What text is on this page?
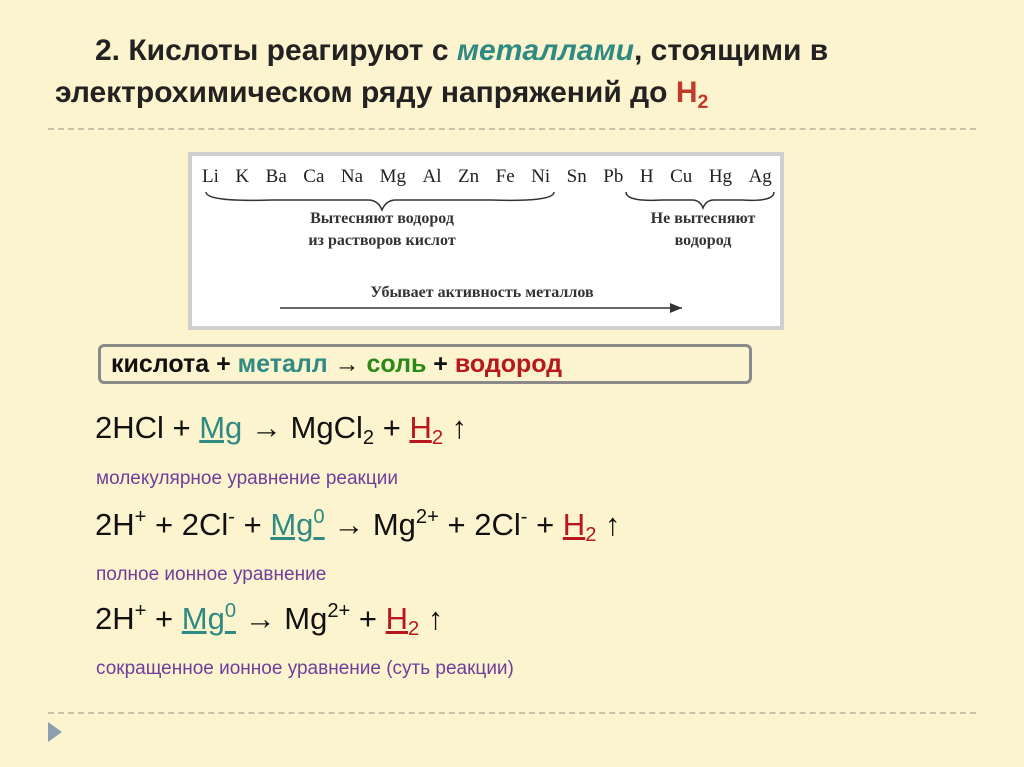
2. Кислоты реагируют с металлами, стоящими в
электрохимическом ряду напряжений до $H_2$
Li K Ba Ca Na Mg Al Zn Fe Ni Sn Pb H Cu Hg Ag
Вытесняют водород
из растворов кислот
Не вытесняют
водород
Убывает активность металлов
кислота + металл → соль + водород
2HCl + Mg → MgCl$_2$ + $H_2$ ↑
молекулярное уравнение реакции
$2H^+ + 2Cl^- + Mg^0 \to Mg^{2+} + 2Cl^- + H_2$ ↑
полное ионное уравнение
$2H^+ + Mg^0 \to Mg^{2+} + H_2$ ↑
сокращенное ионное уравнение (суть реакции)
